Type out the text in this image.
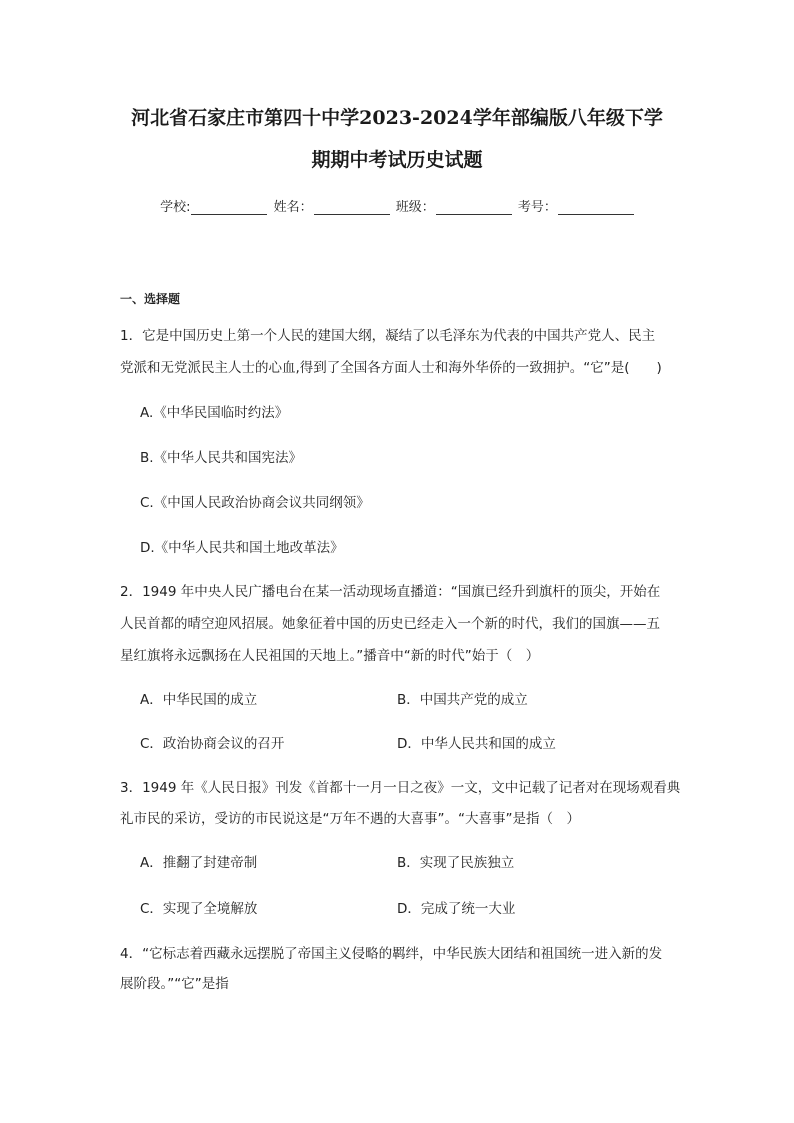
河北省石家庄市第四十中学2023-2024学年部编版八年级下学
期期中考试历史试题
学校:	姓名：	班级：	考号：
一、选择题

1．它是中国历史上第一个人民的建国大纲，凝结了以毛泽东为代表的中国共产党人、民主

党派和无党派民主人士的心血,得到了全国各方面人士和海外华侨的一致拥护。“它”是(　　)

A.《中华民国临时约法》
B.《中华人民共和国宪法》
C.《中国人民政治协商会议共同纲领》
D.《中华人民共和国土地改革法》

2．1949 年中央人民广播电台在某一活动现场直播道：“国旗已经升到旗杆的顶尖，开始在

人民首都的晴空迎风招展。她象征着中国的历史已经走入一个新的时代，我们的国旗——五

星红旗将永远飘扬在人民祖国的天地上。”播音中“新的时代”始于（　）

A．中华民国的成立	B．中国共产党的成立
C．政治协商会议的召开	D．中华人民共和国的成立

3．1949 年《人民日报》刊发《首都十一月一日之夜》一文，文中记载了记者对在现场观看典

礼市民的采访，受访的市民说这是“万年不遇的大喜事”。“大喜事”是指（　）

A．推翻了封建帝制	B．实现了民族独立
C．实现了全境解放	D．完成了统一大业

4．“它标志着西藏永远摆脱了帝国主义侵略的羁绊，中华民族大团结和祖国统一进入新的发

展阶段。”“它”是指
